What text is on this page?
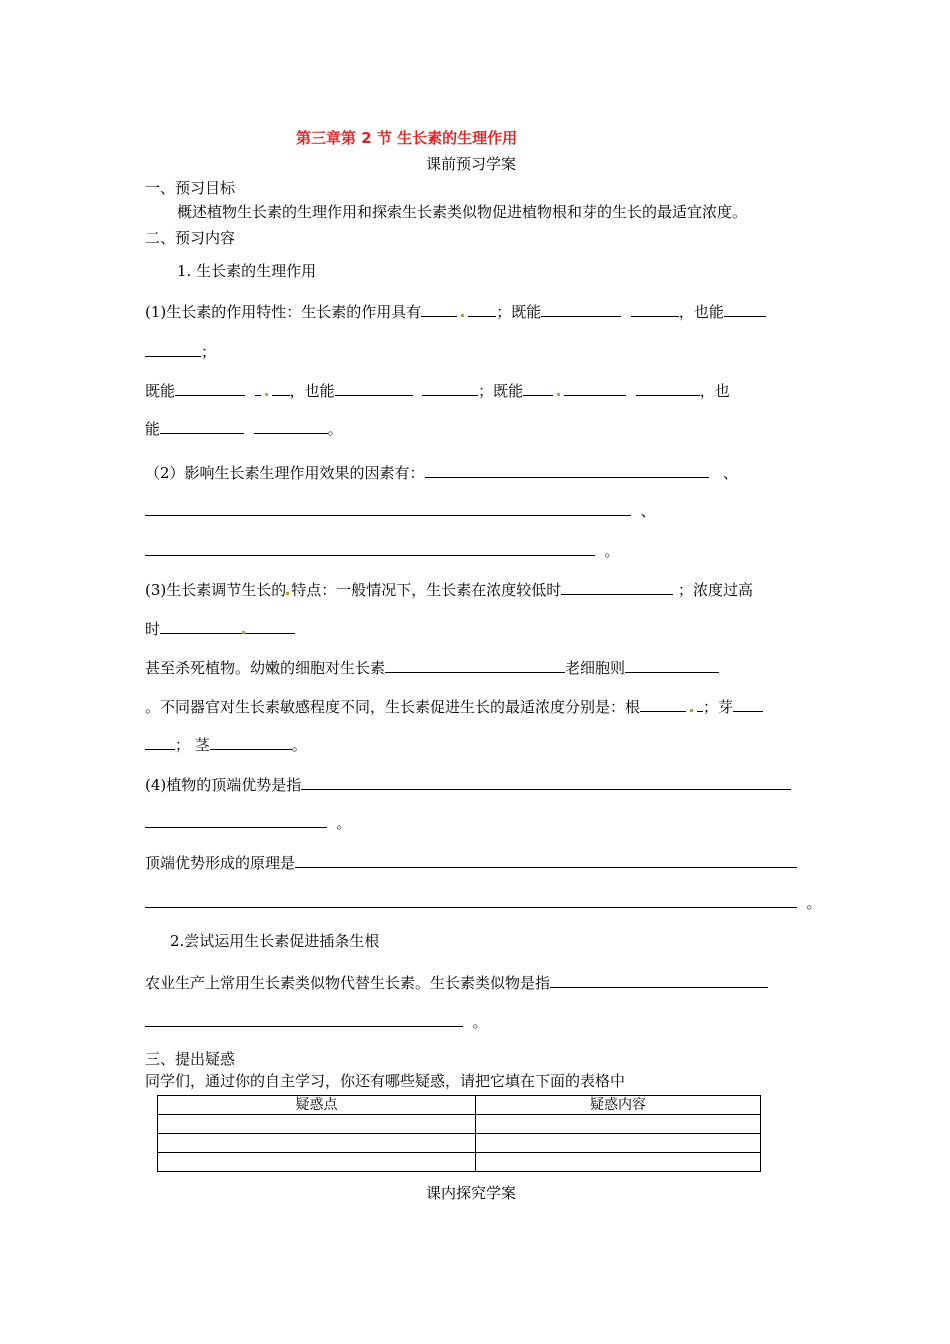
第三章第 2 节 生长素的生理作用
课前预习学案
一、预习目标
概述植物生长素的生理作用和探索生长素类似物促进植物根和芽的生长的最适宜浓度。
二、预习内容
1. 生长素的生理作用
(1)生长素的作用特性：生长素的作用具有	；既能	，也能
；
既能	，也能	；既能	，也
能	。
（2）影响生长素生理作用效果的因素有：	、
、
。
(3)生长素调节生长的 特点：一般情况下，生长素在浓度较低时	；浓度过高
时
甚至杀死植物。幼嫩的细胞对生长素	老细胞则
。不同器官对生长素敏感程度不同，生长素促进生长的最适浓度分别是：根	；芽
； 茎	。
(4)植物的顶端优势是指
。
顶端优势形成的原理是
。
2.尝试运用生长素促进插条生根
农业生产上常用生长素类似物代替生长素。生长素类似物是指
。
三、提出疑惑
同学们，通过你的自主学习，你还有哪些疑惑，请把它填在下面的表格中
疑惑点	疑惑内容

课内探究学案
